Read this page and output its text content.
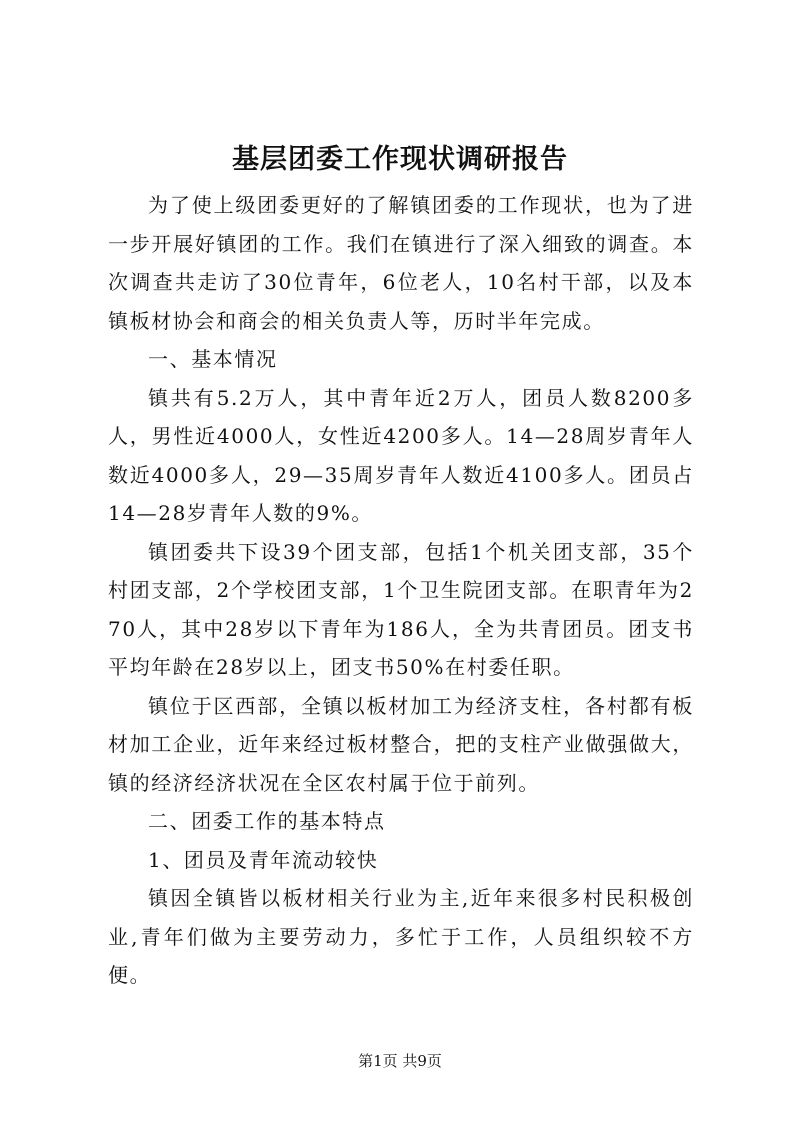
基层团委工作现状调研报告

为了使上级团委更好的了解镇团委的工作现状，也为了进一步开展好镇团的工作。我们在镇进行了深入细致的调查。本次调查共走访了30位青年，6位老人，10名村干部，以及本镇板材协会和商会的相关负责人等，历时半年完成。

一、基本情况

镇共有5.2万人，其中青年近2万人，团员人数8200多人，男性近4000人，女性近4200多人。14—28周岁青年人数近4000多人，29—35周岁青年人数近4100多人。团员占14—28岁青年人数的9%。

镇团委共下设39个团支部，包括1个机关团支部，35个村团支部，2个学校团支部，1个卫生院团支部。在职青年为270人，其中28岁以下青年为186人，全为共青团员。团支书平均年龄在28岁以上，团支书50%在村委任职。

镇位于区西部，全镇以板材加工为经济支柱，各村都有板材加工企业，近年来经过板材整合，把的支柱产业做强做大，镇的经济经济状况在全区农村属于位于前列。

二、团委工作的基本特点

1、团员及青年流动较快

镇因全镇皆以板材相关行业为主,近年来很多村民积极创业,青年们做为主要劳动力，多忙于工作，人员组织较不方便。

第1页 共9页
